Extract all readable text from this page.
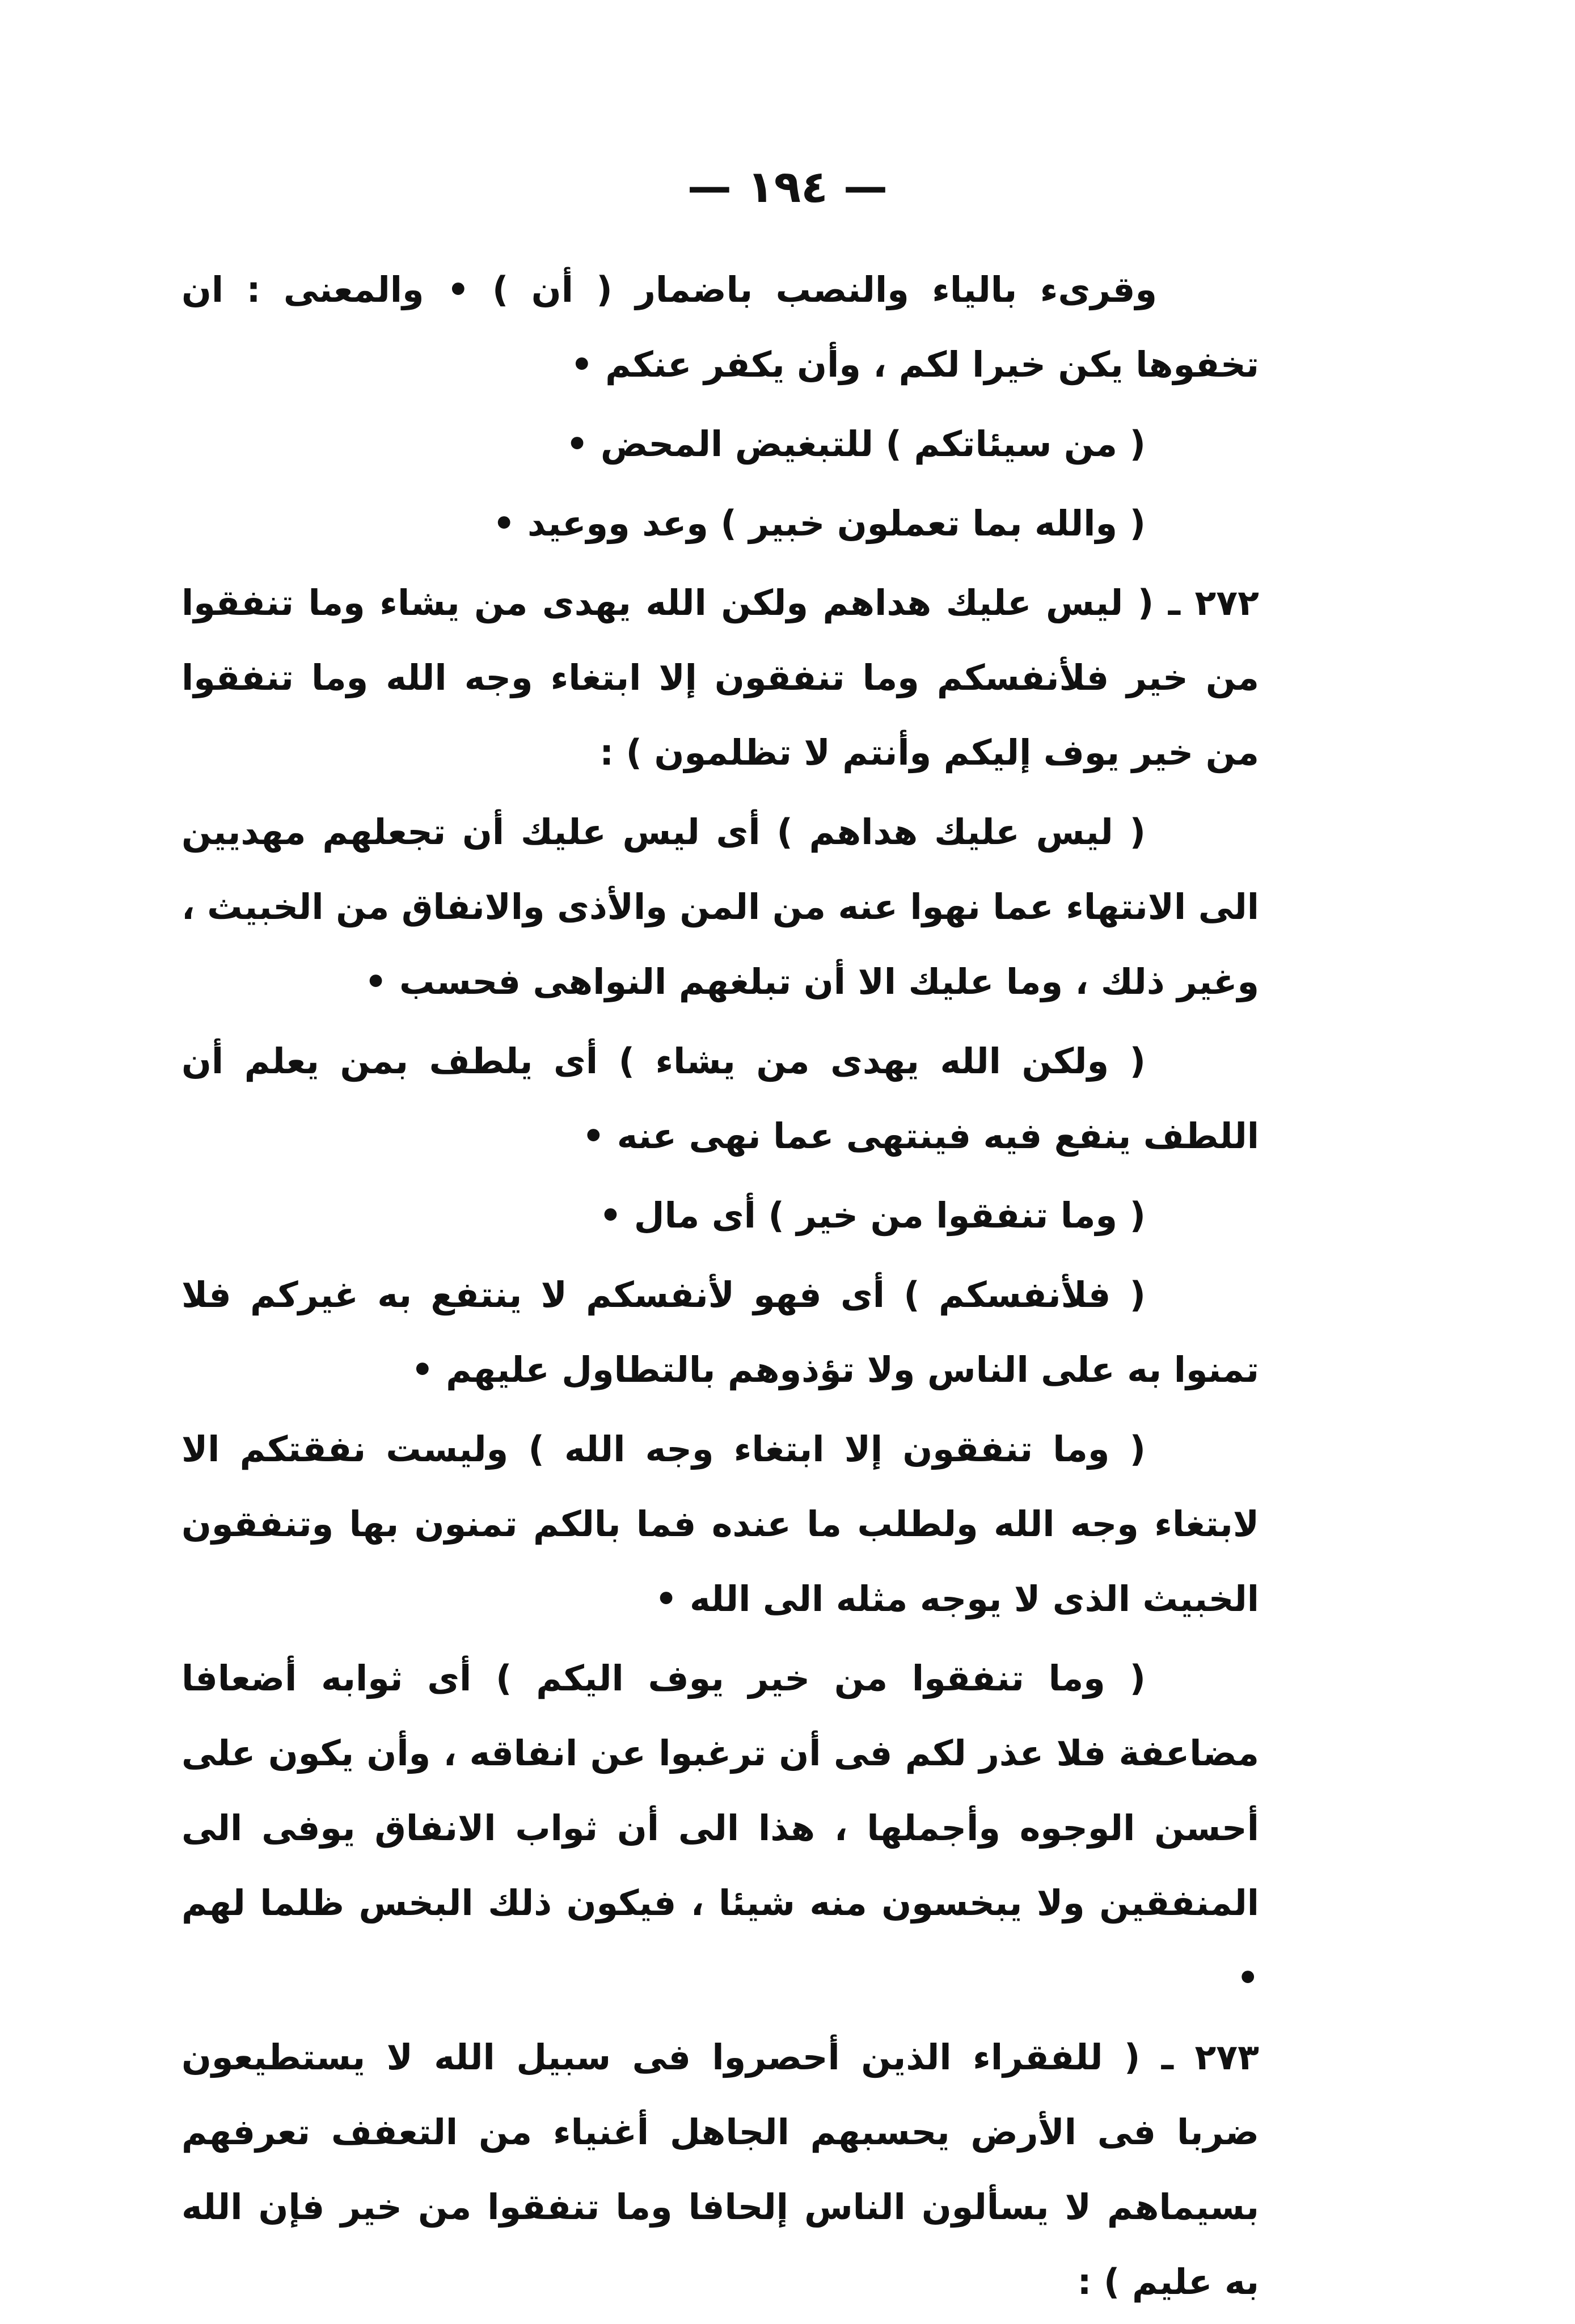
— ١٩٤ —

وقرىء بالياء والنصب باضمار ( أن ) • والمعنى : ان تخفوها يكن خيرا لكم ، وأن يكفر عنكم •

( من سيئاتكم ) للتبغيض المحض •

( والله بما تعملون خبير ) وعد ووعيد •

٢٧٢ ـ ( ليس عليك هداهم ولكن الله يهدى من يشاء وما تنفقوا من خير فلأنفسكم وما تنفقون إلا ابتغاء وجه الله وما تنفقوا من خير يوف إليكم وأنتم لا تظلمون ) :

( ليس عليك هداهم ) أى ليس عليك أن تجعلهم مهديين الى الانتهاء عما نهوا عنه من المن والأذى والانفاق من الخبيث ، وغير ذلك ، وما عليك الا أن تبلغهم النواهى فحسب •

( ولكن الله يهدى من يشاء ) أى يلطف بمن يعلم أن اللطف ينفع فيه فينتهى عما نهى عنه •

( وما تنفقوا من خير ) أى مال •

( فلأنفسكم ) أى فهو لأنفسكم لا ينتفع به غيركم فلا تمنوا به على الناس ولا تؤذوهم بالتطاول عليهم •

( وما تنفقون إلا ابتغاء وجه الله ) وليست نفقتكم الا لابتغاء وجه الله ولطلب ما عنده فما بالكم تمنون بها وتنفقون الخبيث الذى لا يوجه مثله الى الله •

( وما تنفقوا من خير يوف اليكم ) أى ثوابه أضعافا مضاعفة فلا عذر لكم فى أن ترغبوا عن انفاقه ، وأن يكون على أحسن الوجوه وأجملها ، هذا الى أن ثواب الانفاق يوفى الى المنفقين ولا يبخسون منه شيئا ، فيكون ذلك البخس ظلما لهم •

٢٧٣ ـ ( للفقراء الذين أحصروا فى سبيل الله لا يستطيعون ضربا فى الأرض يحسبهم الجاهل أغنياء من التعفف تعرفهم بسيماهم لا يسألون الناس إلحافا وما تنفقوا من خير فإن الله به عليم ) :
